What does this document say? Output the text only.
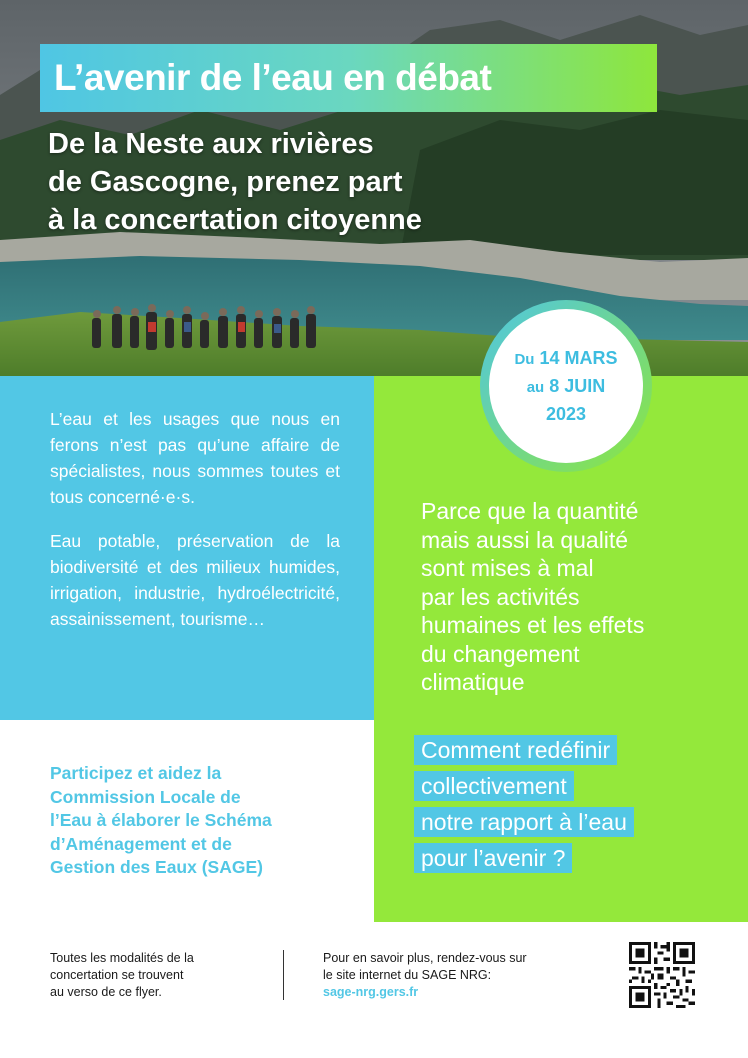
L’avenir de l’eau en débat
De la Neste aux rivières
de Gascogne, prenez part
à la concertation citoyenne

L’eau et les usages que nous en ferons n’est pas qu’une affaire de spécialistes, nous sommes toutes et tous concerné·e·s.

Eau potable, préservation de la biodiversité et des milieux humides, irrigation, industrie, hydroélectricité, assainissement, tourisme…

Parce que la quantité
mais aussi la qualité
sont mises à mal
par les activités
humaines et les effets
du changement
climatique
Comment redéfinir
collectivement
notre rapport à l’eau
pour l’avenir ?
Du 14 MARS
au 8 JUIN
2023
Participez et aidez la
Commission Locale de
l’Eau à élaborer le Schéma
d’Aménagement et de
Gestion des Eaux (SAGE)
Toutes les modalités de la
concertation se trouvent
au verso de ce flyer.
Pour en savoir plus, rendez-vous sur
le site internet du SAGE NRG:
sage-nrg.gers.fr
